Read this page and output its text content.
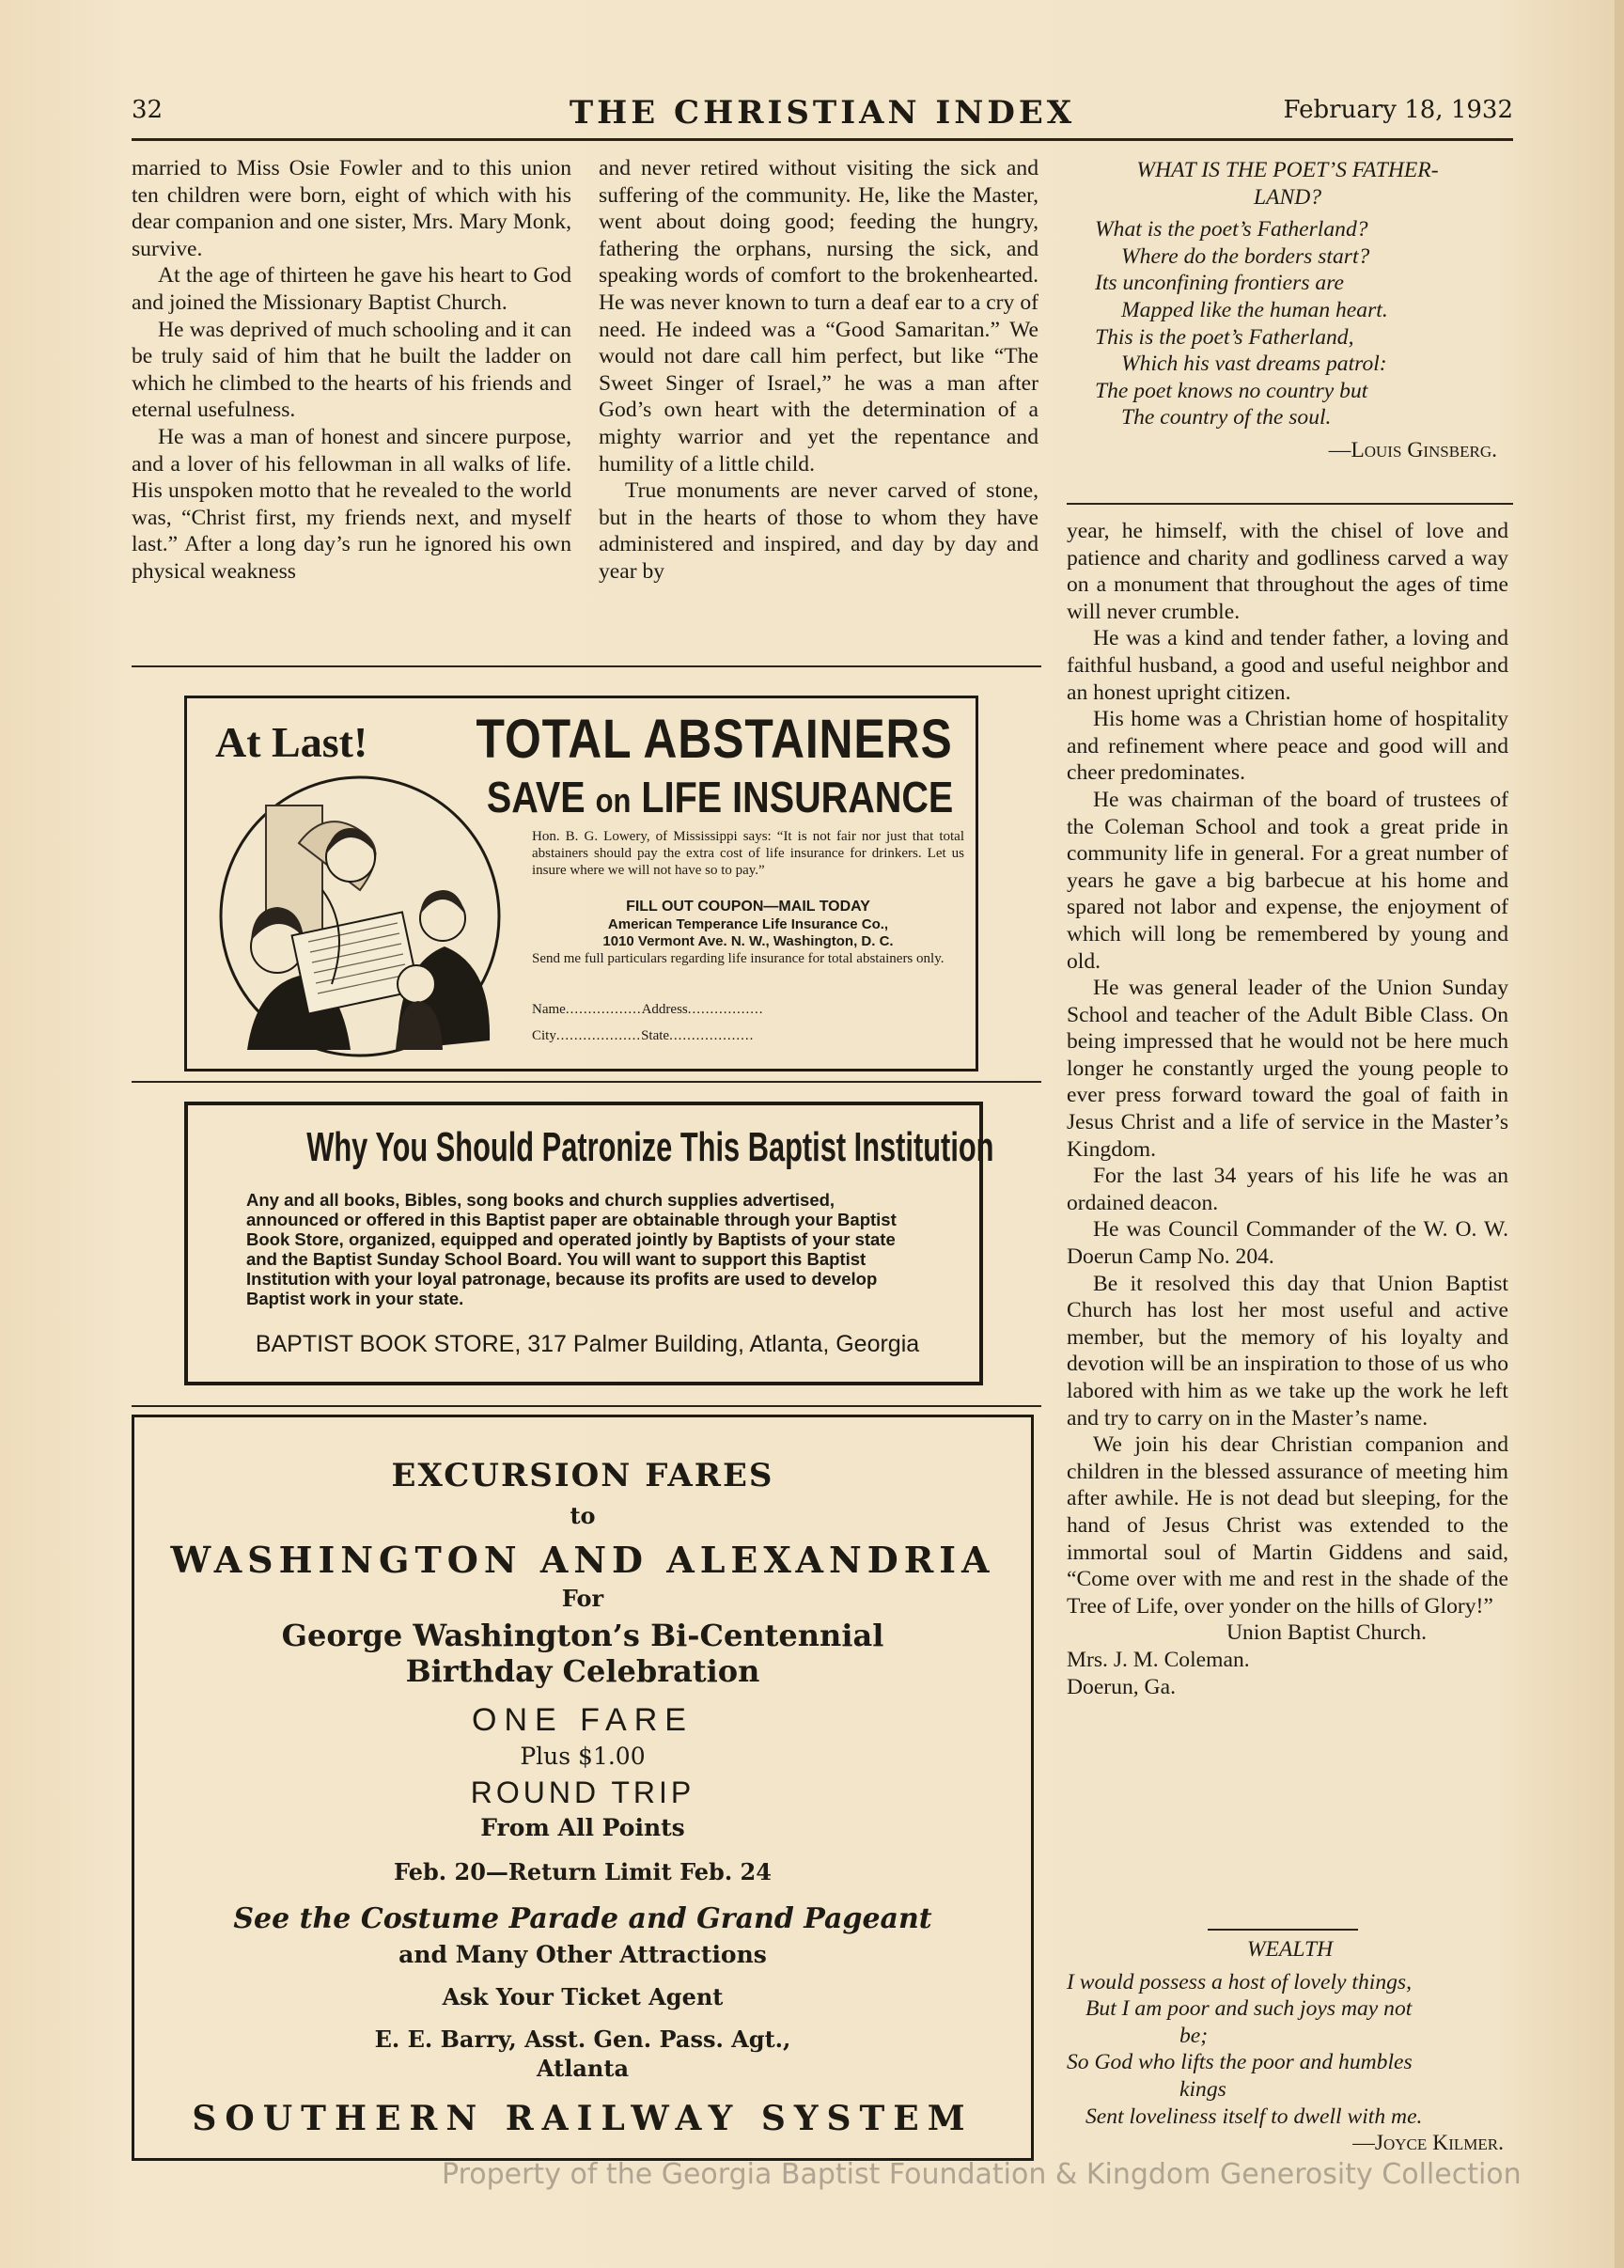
32	THE CHRISTIAN INDEX	February 18, 1932

married to Miss Osie Fowler and to this union ten children were born, eight of which with his dear companion and one sister, Mrs. Mary Monk, survive.

At the age of thirteen he gave his heart to God and joined the Missionary Baptist Church.

He was deprived of much schooling and it can be truly said of him that he built the ladder on which he climbed to the hearts of his friends and eternal usefulness.

He was a man of honest and sincere purpose, and a lover of his fellowman in all walks of life. His unspoken motto that he revealed to the world was, “Christ first, my friends next, and myself last.” After a long day’s run he ignored his own physical weakness

and never retired without visiting the sick and suffering of the community. He, like the Master, went about doing good; feeding the hungry, fathering the orphans, nursing the sick, and speaking words of comfort to the brokenhearted. He was never known to turn a deaf ear to a cry of need. He indeed was a “Good Samaritan.” We would not dare call him perfect, but like “The Sweet Singer of Israel,” he was a man after God’s own heart with the determination of a mighty warrior and yet the repentance and humility of a little child.

True monuments are never carved of stone, but in the hearts of those to whom they have administered and inspired, and day by day and year by

WHAT IS THE POET’S FATHER-
LAND?
What is the poet’s Fatherland?
Where do the borders start?
Its unconfining frontiers are
Mapped like the human heart.
This is the poet’s Fatherland,
Which his vast dreams patrol:
The poet knows no country but
The country of the soul.
—Louis Ginsberg.

year, he himself, with the chisel of love and patience and charity and godliness carved a way on a monument that throughout the ages of time will never crumble.

He was a kind and tender father, a loving and faithful husband, a good and useful neighbor and an honest upright citizen.

His home was a Christian home of hospitality and refinement where peace and good will and cheer predominates.

He was chairman of the board of trustees of the Coleman School and took a great pride in community life in general. For a great number of years he gave a big barbecue at his home and spared not labor and expense, the enjoyment of which will long be remembered by young and old.

He was general leader of the Union Sunday School and teacher of the Adult Bible Class. On being impressed that he would not be here much longer he constantly urged the young people to ever press forward toward the goal of faith in Jesus Christ and a life of service in the Master’s Kingdom.

For the last 34 years of his life he was an ordained deacon.

He was Council Commander of the W. O. W. Doerun Camp No. 204.

Be it resolved this day that Union Baptist Church has lost her most useful and active member, but the memory of his loyalty and devotion will be an inspiration to those of us who labored with him as we take up the work he left and try to carry on in the Master’s name.

We join his dear Christian companion and children in the blessed assurance of meeting him after awhile. He is not dead but sleeping, for the hand of Jesus Christ was extended to the immortal soul of Martin Giddens and said, “Come over with me and rest in the shade of the Tree of Life, over yonder on the hills of Glory!”

Union Baptist Church.
Mrs. J. M. Coleman.
Doerun, Ga.
WEALTH
I would possess a host of lovely things,
But I am poor and such joys may not
be;
So God who lifts the poor and humbles
kings
Sent loveliness itself to dwell with me.
—Joyce Kilmer.
At Last! TOTAL ABSTAINERS
SAVE on LIFE INSURANCE
Hon. B. G. Lowery, of Mississippi says: “It is not fair nor just that total abstainers should pay the extra cost of life insurance for drinkers. Let us insure where we will not have so to pay.”
FILL OUT COUPON—MAIL TODAY
American Temperance Life Insurance Co.,
1010 Vermont Ave. N. W., Washington, D. C.
Send me full particulars regarding life insurance for total abstainers only.
Name.................Address.................
City...................State...................
Why You Should Patronize This Baptist Institution
Any and all books, Bibles, song books and church supplies advertised, announced or offered in this Baptist paper are obtainable through your Baptist Book Store, organized, equipped and operated jointly by Baptists of your state and the Baptist Sunday School Board. You will want to support this Baptist Institution with your loyal patronage, because its profits are used to develop Baptist work in your state.
BAPTIST BOOK STORE, 317 Palmer Building, Atlanta, Georgia
EXCURSION FARES
to
WASHINGTON AND ALEXANDRIA
For
George Washington’s Bi-Centennial
Birthday Celebration
ONE FARE
Plus $1.00
ROUND TRIP
From All Points
Feb. 20—Return Limit Feb. 24
See the Costume Parade and Grand Pageant
and Many Other Attractions
Ask Your Ticket Agent
E. E. Barry, Asst. Gen. Pass. Agt.,
Atlanta
SOUTHERN RAILWAY SYSTEM
Property of the Georgia Baptist Foundation & Kingdom Generosity Collection
